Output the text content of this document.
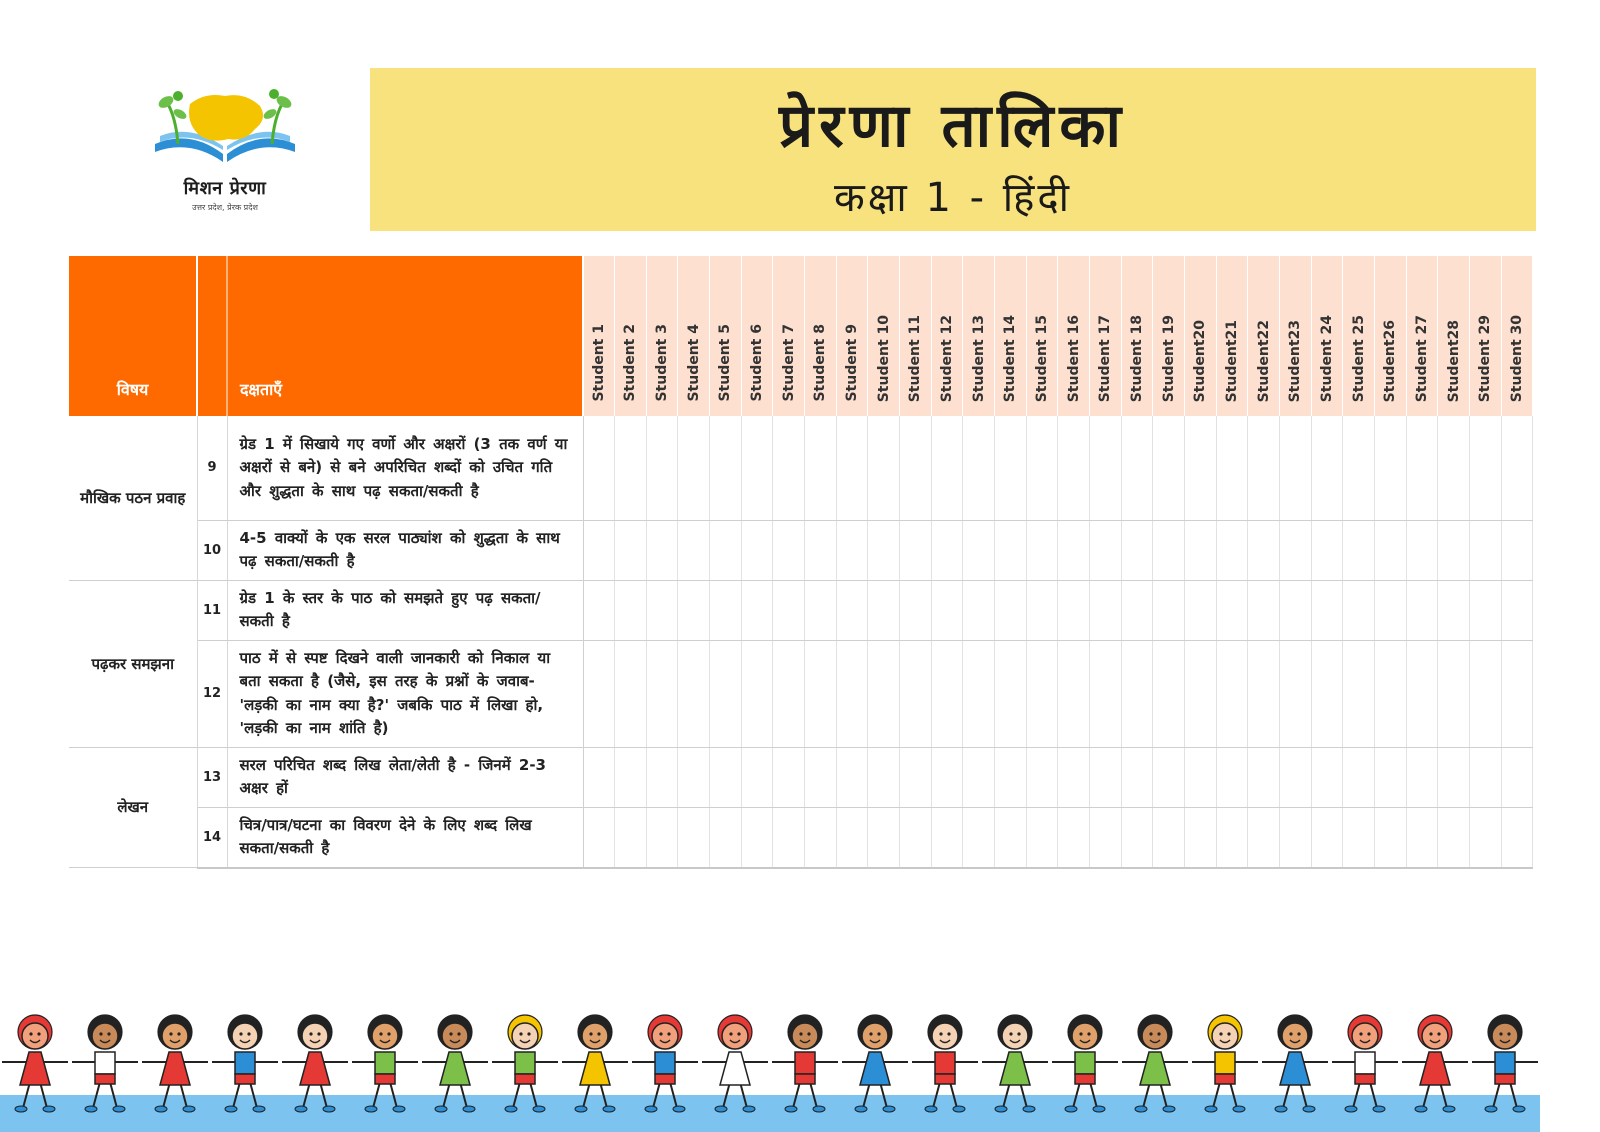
मिशन प्रेरणा
उत्तर प्रदेश, प्रेरक प्रदेश
प्रेरणा तालिका
कक्षा 1 - हिंदी
विषय		दक्षताएँ	Student 1	Student 2	Student 3	Student 4	Student 5	Student 6	Student 7	Student 8	Student 9	Student 10	Student 11	Student 12	Student 13	Student 14	Student 15	Student 16	Student 17	Student 18	Student 19	Student20	Student21	Student22	Student23	Student 24	Student 25	Student26	Student 27	Student28	Student 29	Student 30

मौखिक पठन प्रवाह	9	ग्रेड 1 में सिखाये गए वर्णो और अक्षरों (3 तक वर्ण या अक्षरों से बने) से बने अपरिचित शब्दों को उचित गति और शुद्धता के साथ पढ़ सकता/सकती है																														
	10	4-5 वाक्यों के एक सरल पाठ्यांश को शुद्धता के साथ पढ़ सकता/सकती है																														
पढ़कर समझना	11	ग्रेड 1 के स्तर के पाठ को समझते हुए पढ़ सकता/सकती है																														
	12	पाठ में से स्पष्ट दिखने वाली जानकारी को निकाल या बता सकता है (जैसे, इस तरह के प्रश्नों के जवाब- 'लड़की का नाम क्या है?' जबकि पाठ में लिखा हो, 'लड़की का नाम शांति है)																														
लेखन	13	सरल परिचित शब्द लिख लेता/लेती है - जिनमें 2-3 अक्षर हों																														
	14	चित्र/पात्र/घटना का विवरण देने के लिए शब्द लिख सकता/सकती है																														
